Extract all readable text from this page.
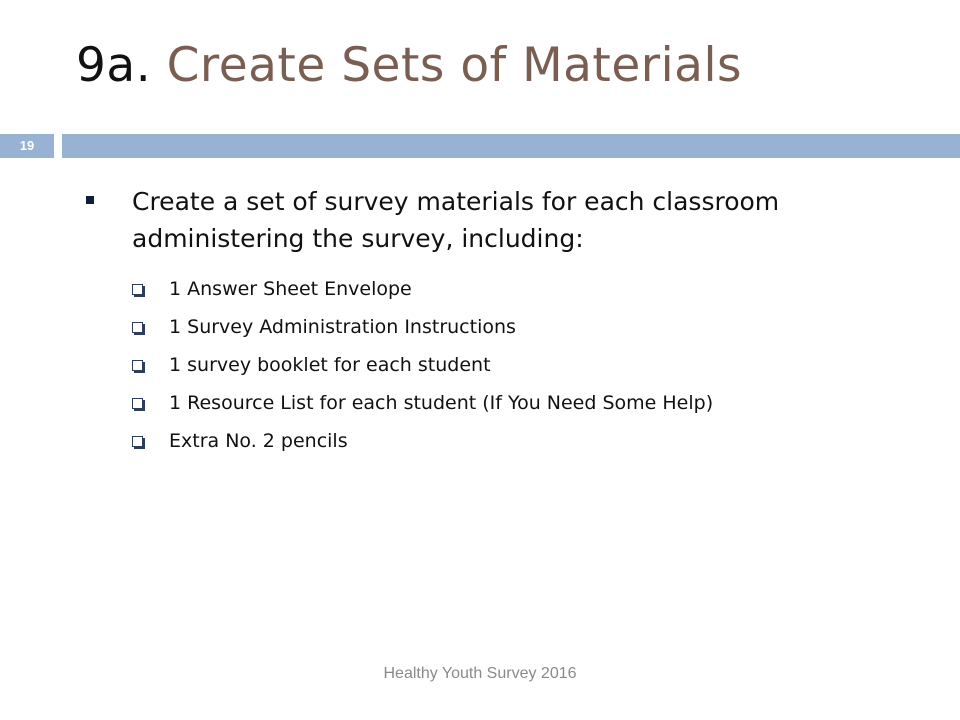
9a. Create Sets of Materials
19
Create a set of survey materials for each classroom administering the survey, including:
1 Answer Sheet Envelope
1 Survey Administration Instructions
1 survey booklet for each student
1 Resource List for each student (If You Need Some Help)
Extra No. 2 pencils
Healthy Youth Survey 2016
